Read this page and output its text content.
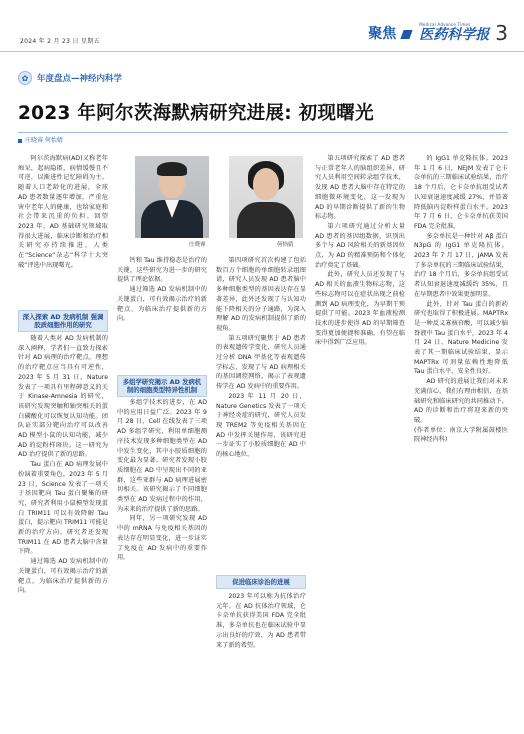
2024 年 2 月 23 日 星期五	聚焦
Medical Advance Times
医药科学报 3
✿	年度盘点—神经内科学
2023 年阿尔茨海默病研究进展: 初现曙光
庄晓睿 何怡婧

阿尔茨海默病(AD)又称老年痴呆，起病隐匿，病情缓慢且不可逆，以渐进性记忆障碍为主。随着人口老龄化的进展，全球 AD 患者数量逐年增加，严重危害中老年人的健康，也给家庭和社会带来沉重的负担。回望 2023 年，AD 基础研究领域取得很大进展，临床诊断和治疗相关研究亦持续推进，人类在“Science”杂志“科学十大突破”评选中出现曙光。

随着人类对 AD 发病机制的深入阐释，学者们一直致力探索针对 AD 病理的治疗靶点。理想的治疗靶点应当具有可逆性，2023 年 5 月 31 日，Nature 发表了一项具有里程碑意义的关于 Kinase-Amnesia 的研究，该研究发现突触和轴突相关的蛋白磷酸化可以恢复认知功能。团队证实部分靶向治疗可以改善 AD 模型小鼠的认知功能，减少 AD 的淀粉样斑块。这一研究为 AD 治疗提供了新的思路。

Tau 蛋白在 AD 病理发展中扮演着重要角色。2023 年 5 月 23 日，Science 发表了一项关于基因靶向 Tau 蛋白聚集的研究，研究者利用小鼠模型发现蛋白 TRIM11 可以有效降解 Tau 蛋白，提示靶向 TRIM11 可能是新的治疗方向。研究者还发现 TRIM11 在 AD 患者大脑中含量下降。

通过筛选 AD 发病机制中的关键蛋白，可有效揭示治疗的新靶点，为临床治疗提供新的方向。

深入探索 AD 发病机制 强调胶质细胞作用的研究
庄晓睿	何怡婧
多组学研究揭示 AD 发病机制的细胞类型特异性机制

多组学技术的进步，在 AD 中的应用日益广泛。2023 年 9 月 28 日，Cell 在线发表了三项 AD 多组学研究，利用单细胞测序技术发现多种细胞类型在 AD 中发生变化，其中小胶质细胞的变化最为显著。研究者发现小胶质细胞在 AD 中呈现出不同的亚群，这些亚群与 AD 病理进展密切相关。该研究揭示了不同细胞类型在 AD 发病过程中的作用，为未来的治疗提供了新的思路。

同年，另一项研究发现 AD 中的 mRNA 与免疫相关基因的表达存在明显变化，进一步证实了免疫在 AD 发病中的重要作用。

钙和 Tau 维持稳态是治疗的关键，这些研究为进一步的研究提供了理论依据。

通过筛选 AD 发病机制中的关键蛋白，可有效揭示治疗的新靶点，为临床治疗提供新的方向。

第四项研究首次构建了包括数百万个细胞的单细胞转录组图谱，研究人员发现 AD 患者脑中多种细胞类型的基因表达存在显著差异，此外还发现了与认知功能下降相关的分子通路，为深入理解 AD 的发病机制提供了新的视角。

第五项研究聚焦于 AD 患者的表观遗传学变化，研究人员通过分析 DNA 甲基化等表观遗传学标志，发现了与 AD 病理相关的基因调控网络，揭示了表观遗传学在 AD 发病中的重要作用。

2023 年 11 月 20 日，Nature Genetics 发表了一项关于神经炎症的研究，研究人员发现 TREM2 等免疫相关基因在 AD 中发挥关键作用，该研究进一步证实了小胶质细胞在 AD 中的核心地位。

促进临床诊治的进展

2023 年可以称为抗体治疗元年。在 AD 抗体治疗领域，仑卡奈单抗获得美国 FDA 完全批准，多奈单抗也在临床试验中显示出良好的疗效，为 AD 患者带来了新的希望。

第五项研究探索了 AD 患者与正常老年人的脑组织差异，研究人员利用空间转录组学技术，发现 AD 患者大脑中存在特定的细胞微环境变化，这一发现为 AD 的早期诊断提供了新的生物标志物。

第六项研究通过分析大量 AD 患者的基因组数据，识别出多个与 AD 风险相关的新基因位点，为 AD 的精准预防和个体化治疗奠定了基础。

此外，研究人员还发现了与 AD 相关的血液生物标志物，这些标志物可以在症状出现之前检测到 AD 病理变化，为早期干预提供了可能。2023 年血液检测技术的进步使得 AD 的早期筛查变得更加便捷和准确，有望在临床中得到广泛应用。

的 IgG1 单克隆抗体。2023 年 1 月 6 日，NEJM 发表了仑卡奈单抗的三期临床试验结果，治疗 18 个月后，仑卡奈单抗组受试者认知衰退速度减缓 27%，并显著降低脑内淀粉样蛋白水平。2023 年 7 月 6 日，仑卡奈单抗获美国 FDA 完全批准。

多奈单抗是一种针对 Aβ 蛋白 N3pG 的 IgG1 单克隆抗体。2023 年 7 月 17 日，JAMA 发表了多奈单抗的三期临床试验结果，治疗 18 个月后，多奈单抗组受试者认知衰退速度减缓约 35%，且在早期患者中效果更加明显。

此外，针对 Tau 蛋白的新药研究也取得了积极进展。MAPTRx 是一种反义寡核苷酸，可以减少脑脊液中 Tau 蛋白水平，2023 年 4 月 24 日，Nature Medicine 发表了其一期临床试验结果，显示 MAPTRx 可剂量依赖性地降低 Tau 蛋白水平，安全性良好。

AD 研究的进展让我们对未来充满信心，我们有理由相信，在基础研究和临床研究的共同推动下，AD 的诊断和治疗将迎来新的突破。

(作者单位：南京大学附属鼓楼医院神经内科)
